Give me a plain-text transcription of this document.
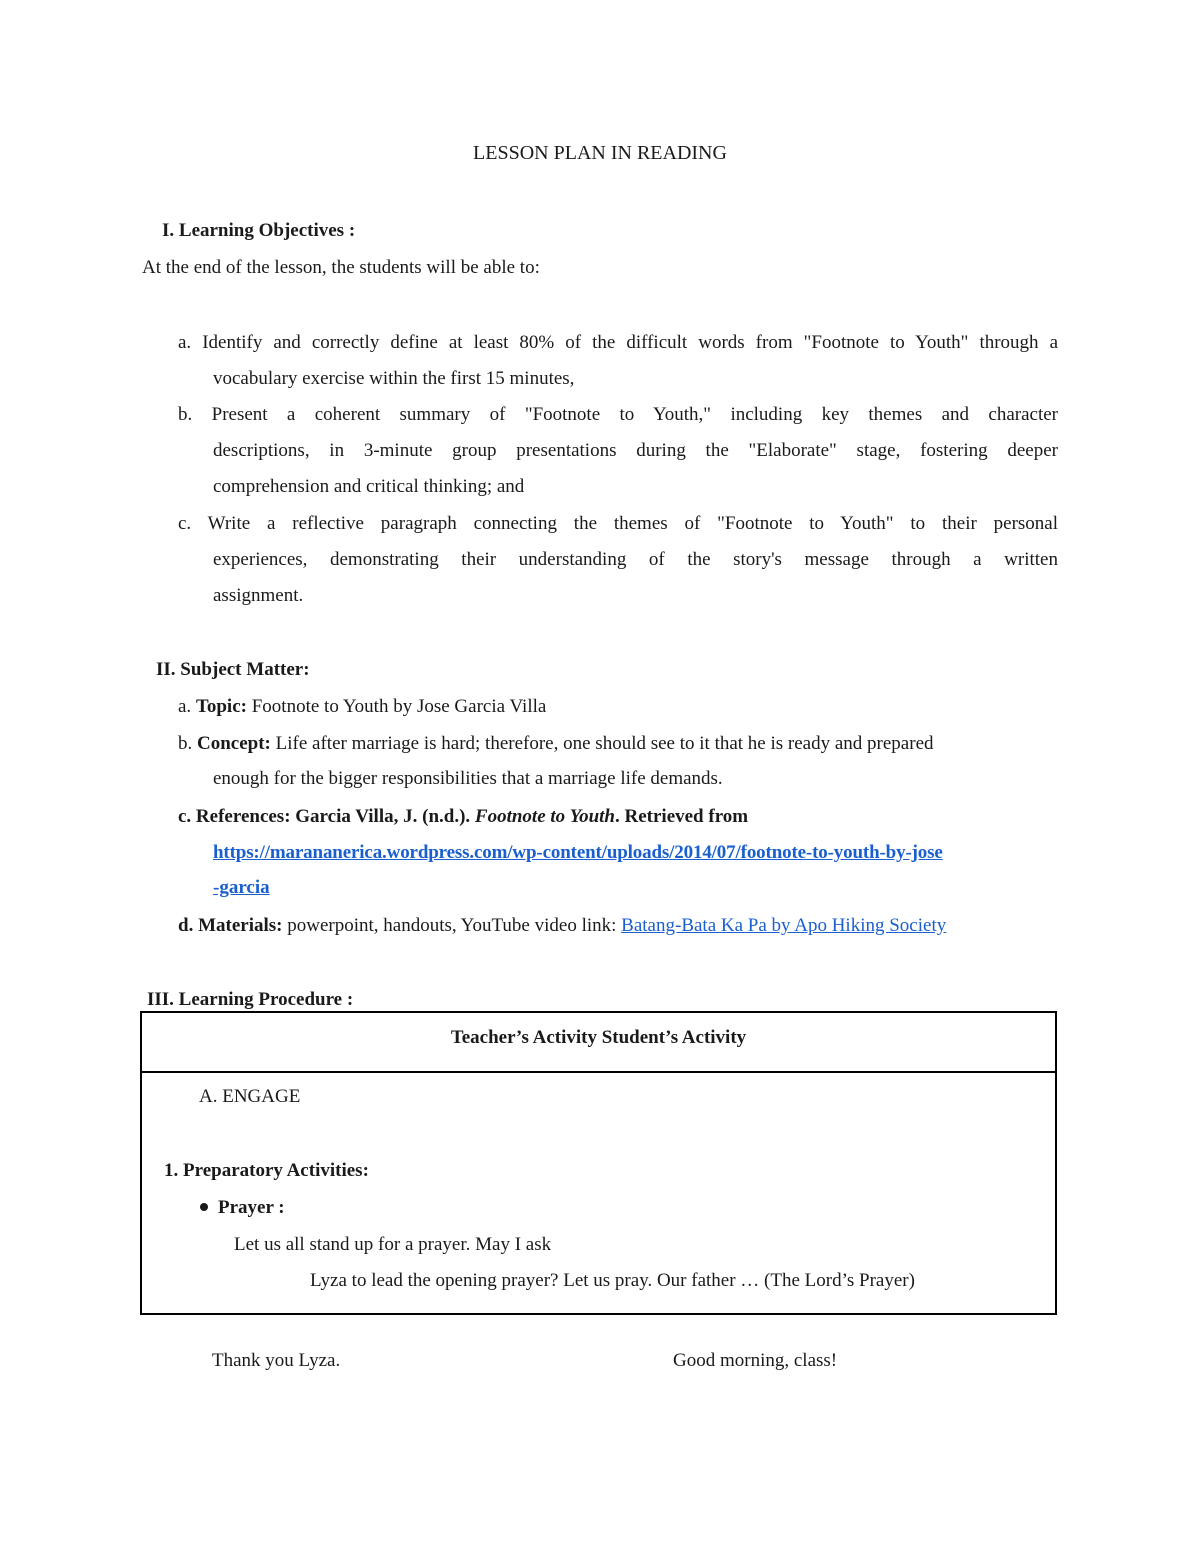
LESSON PLAN IN READING
I. Learning Objectives :
At the end of the lesson, the students will be able to:
a. Identify and correctly define at least 80% of the difficult words from "Footnote to Youth" through a
vocabulary exercise within the first 15 minutes,
b. Present a coherent summary of "Footnote to Youth," including key themes and character
descriptions, in 3-minute group presentations during the "Elaborate" stage, fostering deeper
comprehension and critical thinking; and
c. Write a reflective paragraph connecting the themes of "Footnote to Youth" to their personal
experiences, demonstrating their understanding of the story's message through a written
assignment.
II. Subject Matter:
a. Topic: Footnote to Youth by Jose Garcia Villa
b. Concept: Life after marriage is hard; therefore, one should see to it that he is ready and prepared
enough for the bigger responsibilities that a marriage life demands.
c. References: Garcia Villa, J. (n.d.). Footnote to Youth. Retrieved from
https://marananerica.wordpress.com/wp-content/uploads/2014/07/footnote-to-youth-by-jose
-garcia
d. Materials: powerpoint, handouts, YouTube video link: Batang-Bata Ka Pa by Apo Hiking Society
III. Learning Procedure :
Teacher’s Activity Student’s Activity
A. ENGAGE
1. Preparatory Activities:
Prayer :
Let us all stand up for a prayer. May I ask
Lyza to lead the opening prayer? Let us pray. Our father … (The Lord’s Prayer)
Thank you Lyza.	Good morning, class!
